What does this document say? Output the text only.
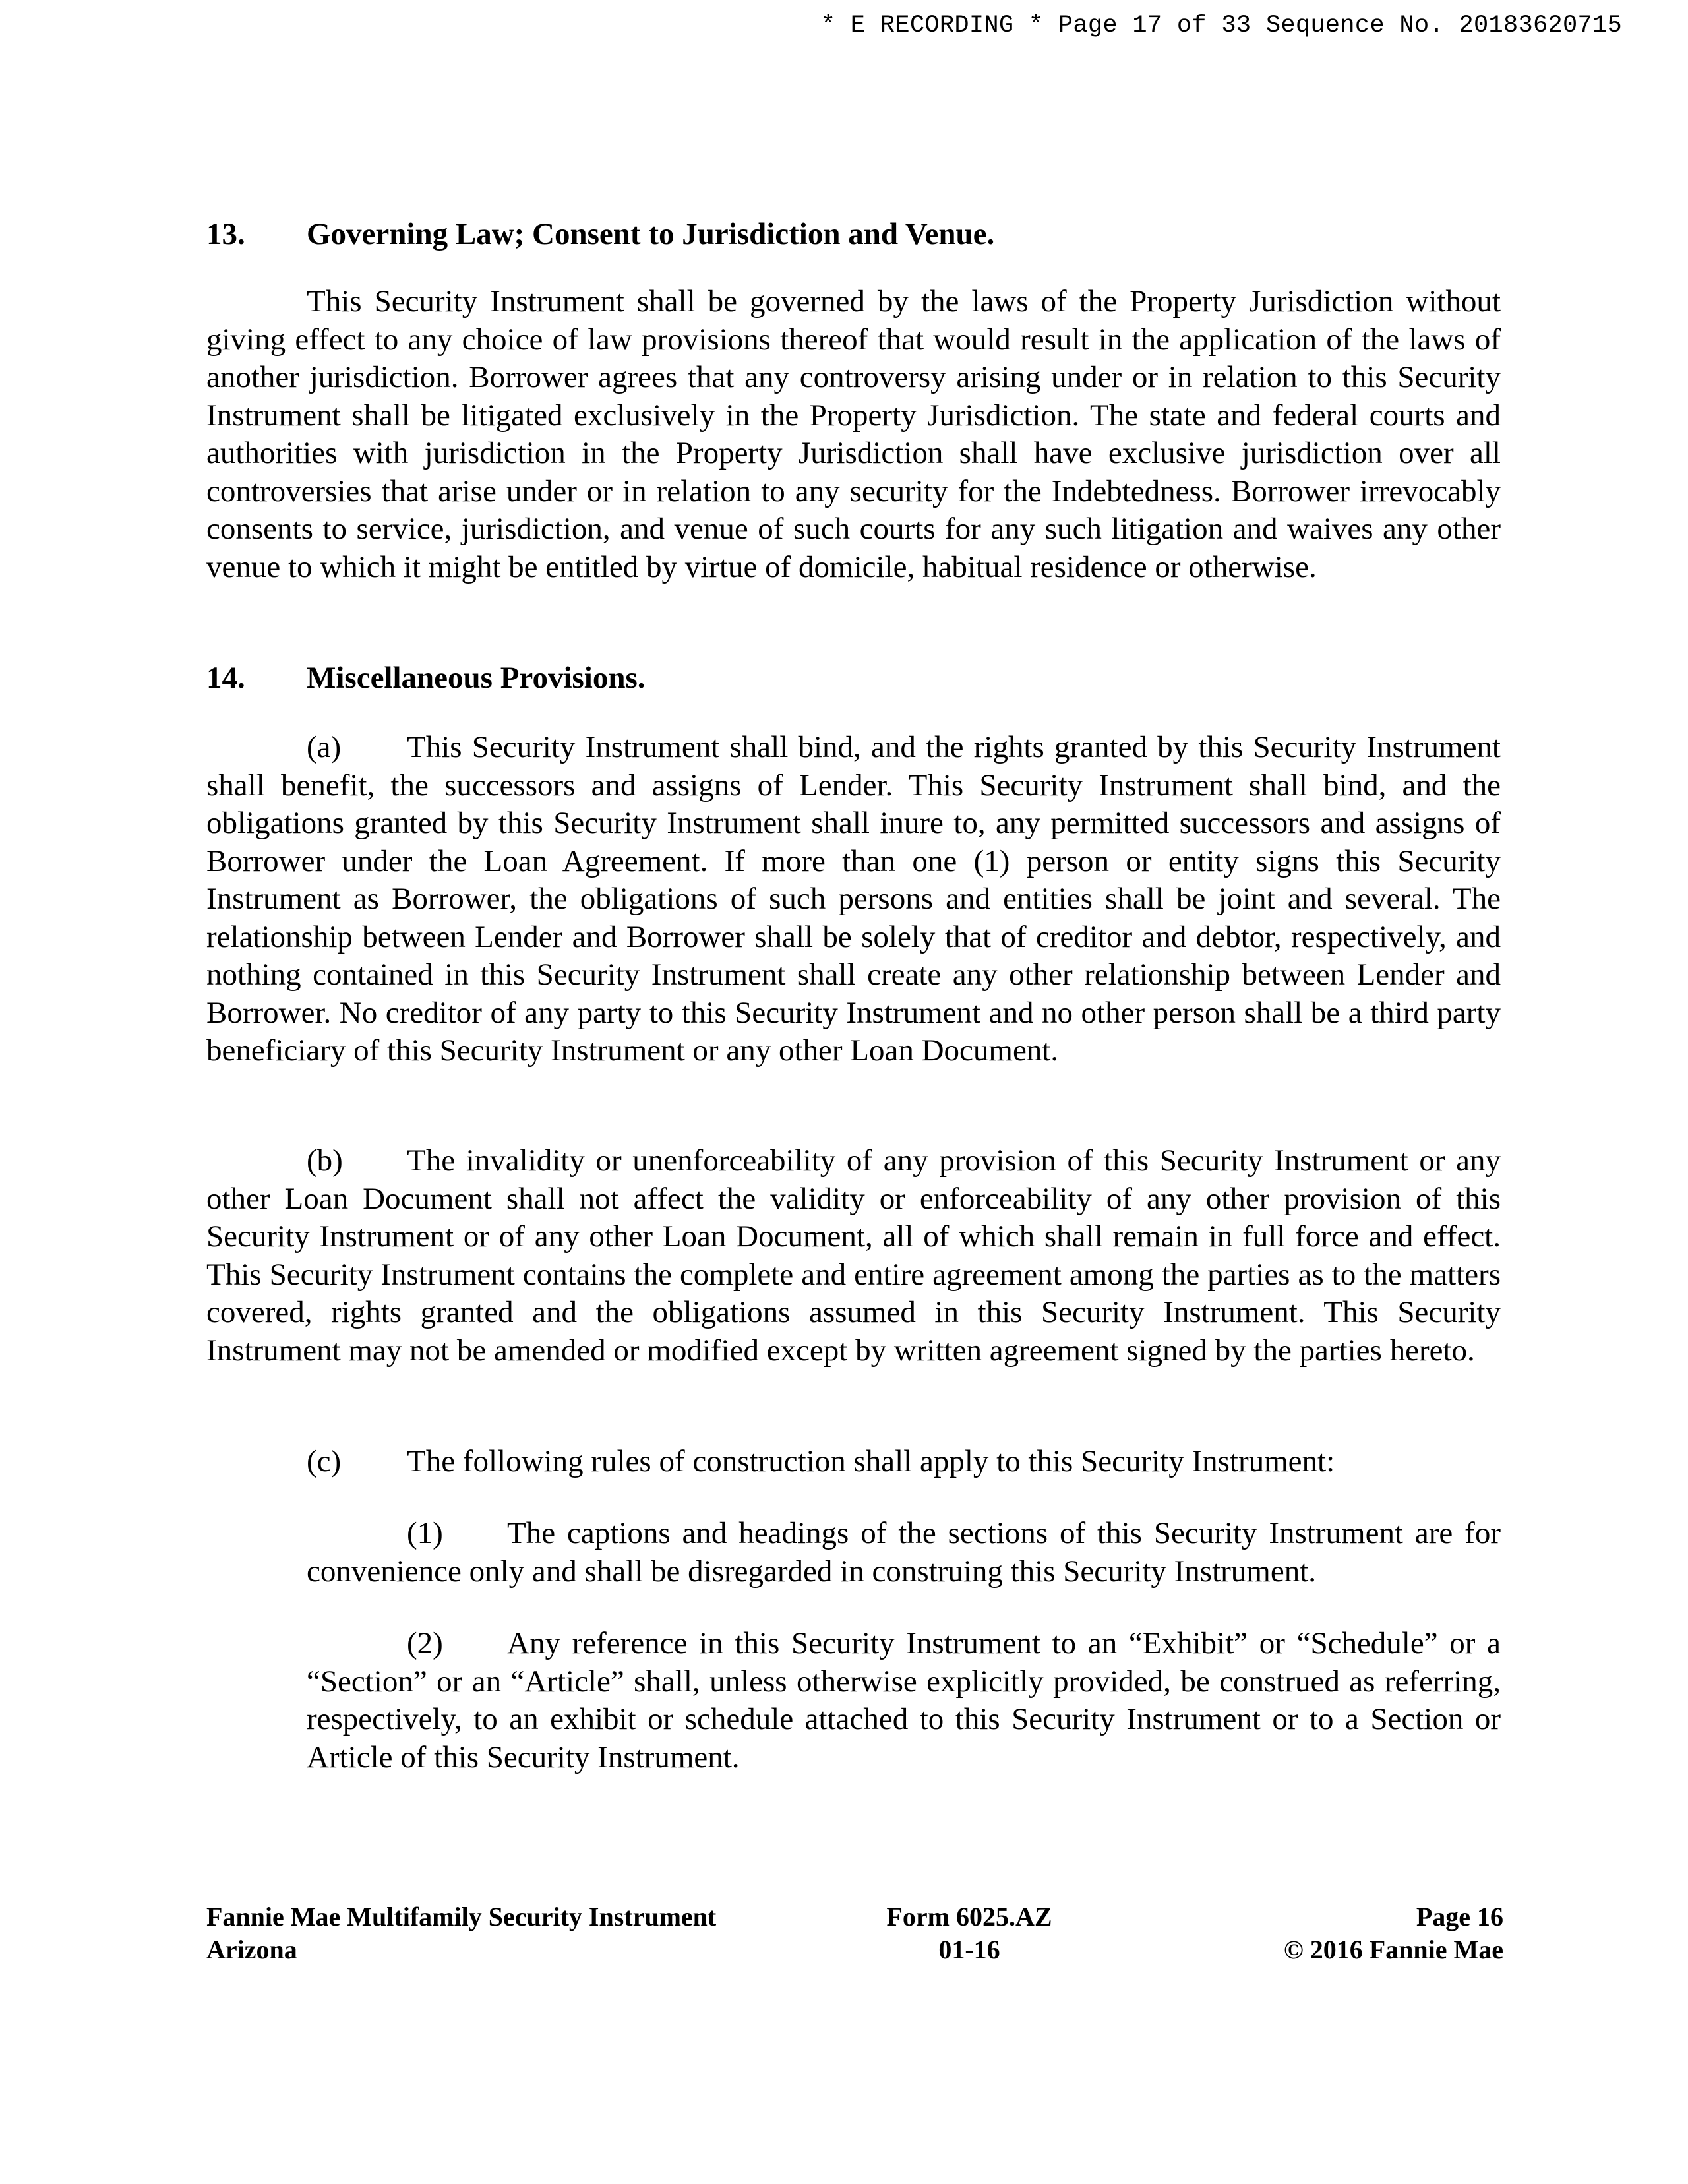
* E RECORDING * Page 17 of 33 Sequence No. 20183620715
13. Governing Law; Consent to Jurisdiction and Venue.

This Security Instrument shall be governed by the laws of the Property Jurisdiction without giving effect to any choice of law provisions thereof that would result in the application of the laws of another jurisdiction. Borrower agrees that any controversy arising under or in relation to this Security Instrument shall be litigated exclusively in the Property Jurisdiction. The state and federal courts and authorities with jurisdiction in the Property Jurisdiction shall have exclusive jurisdiction over all controversies that arise under or in relation to any security for the Indebtedness. Borrower irrevocably consents to service, jurisdiction, and venue of such courts for any such litigation and waives any other venue to which it might be entitled by virtue of domicile, habitual residence or otherwise.

14. Miscellaneous Provisions.

(a) This Security Instrument shall bind, and the rights granted by this Security Instrument shall benefit, the successors and assigns of Lender. This Security Instrument shall bind, and the obligations granted by this Security Instrument shall inure to, any permitted successors and assigns of Borrower under the Loan Agreement. If more than one (1) person or entity signs this Security Instrument as Borrower, the obligations of such persons and entities shall be joint and several. The relationship between Lender and Borrower shall be solely that of creditor and debtor, respectively, and nothing contained in this Security Instrument shall create any other relationship between Lender and Borrower. No creditor of any party to this Security Instrument and no other person shall be a third party beneficiary of this Security Instrument or any other Loan Document.

(b) The invalidity or unenforceability of any provision of this Security Instrument or any other Loan Document shall not affect the validity or enforceability of any other provision of this Security Instrument or of any other Loan Document, all of which shall remain in full force and effect. This Security Instrument contains the complete and entire agreement among the parties as to the matters covered, rights granted and the obligations assumed in this Security Instrument. This Security Instrument may not be amended or modified except by written agreement signed by the parties hereto.

(c) The following rules of construction shall apply to this Security Instrument:

(1) The captions and headings of the sections of this Security Instrument are for convenience only and shall be disregarded in construing this Security Instrument.

(2) Any reference in this Security Instrument to an “Exhibit” or “Schedule” or a “Section” or an “Article” shall, unless otherwise explicitly provided, be construed as referring, respectively, to an exhibit or schedule attached to this Security Instrument or to a Section or Article of this Security Instrument.

Fannie Mae Multifamily Security Instrument
Arizona
Form 6025.AZ
01-16
Page 16
© 2016 Fannie Mae
